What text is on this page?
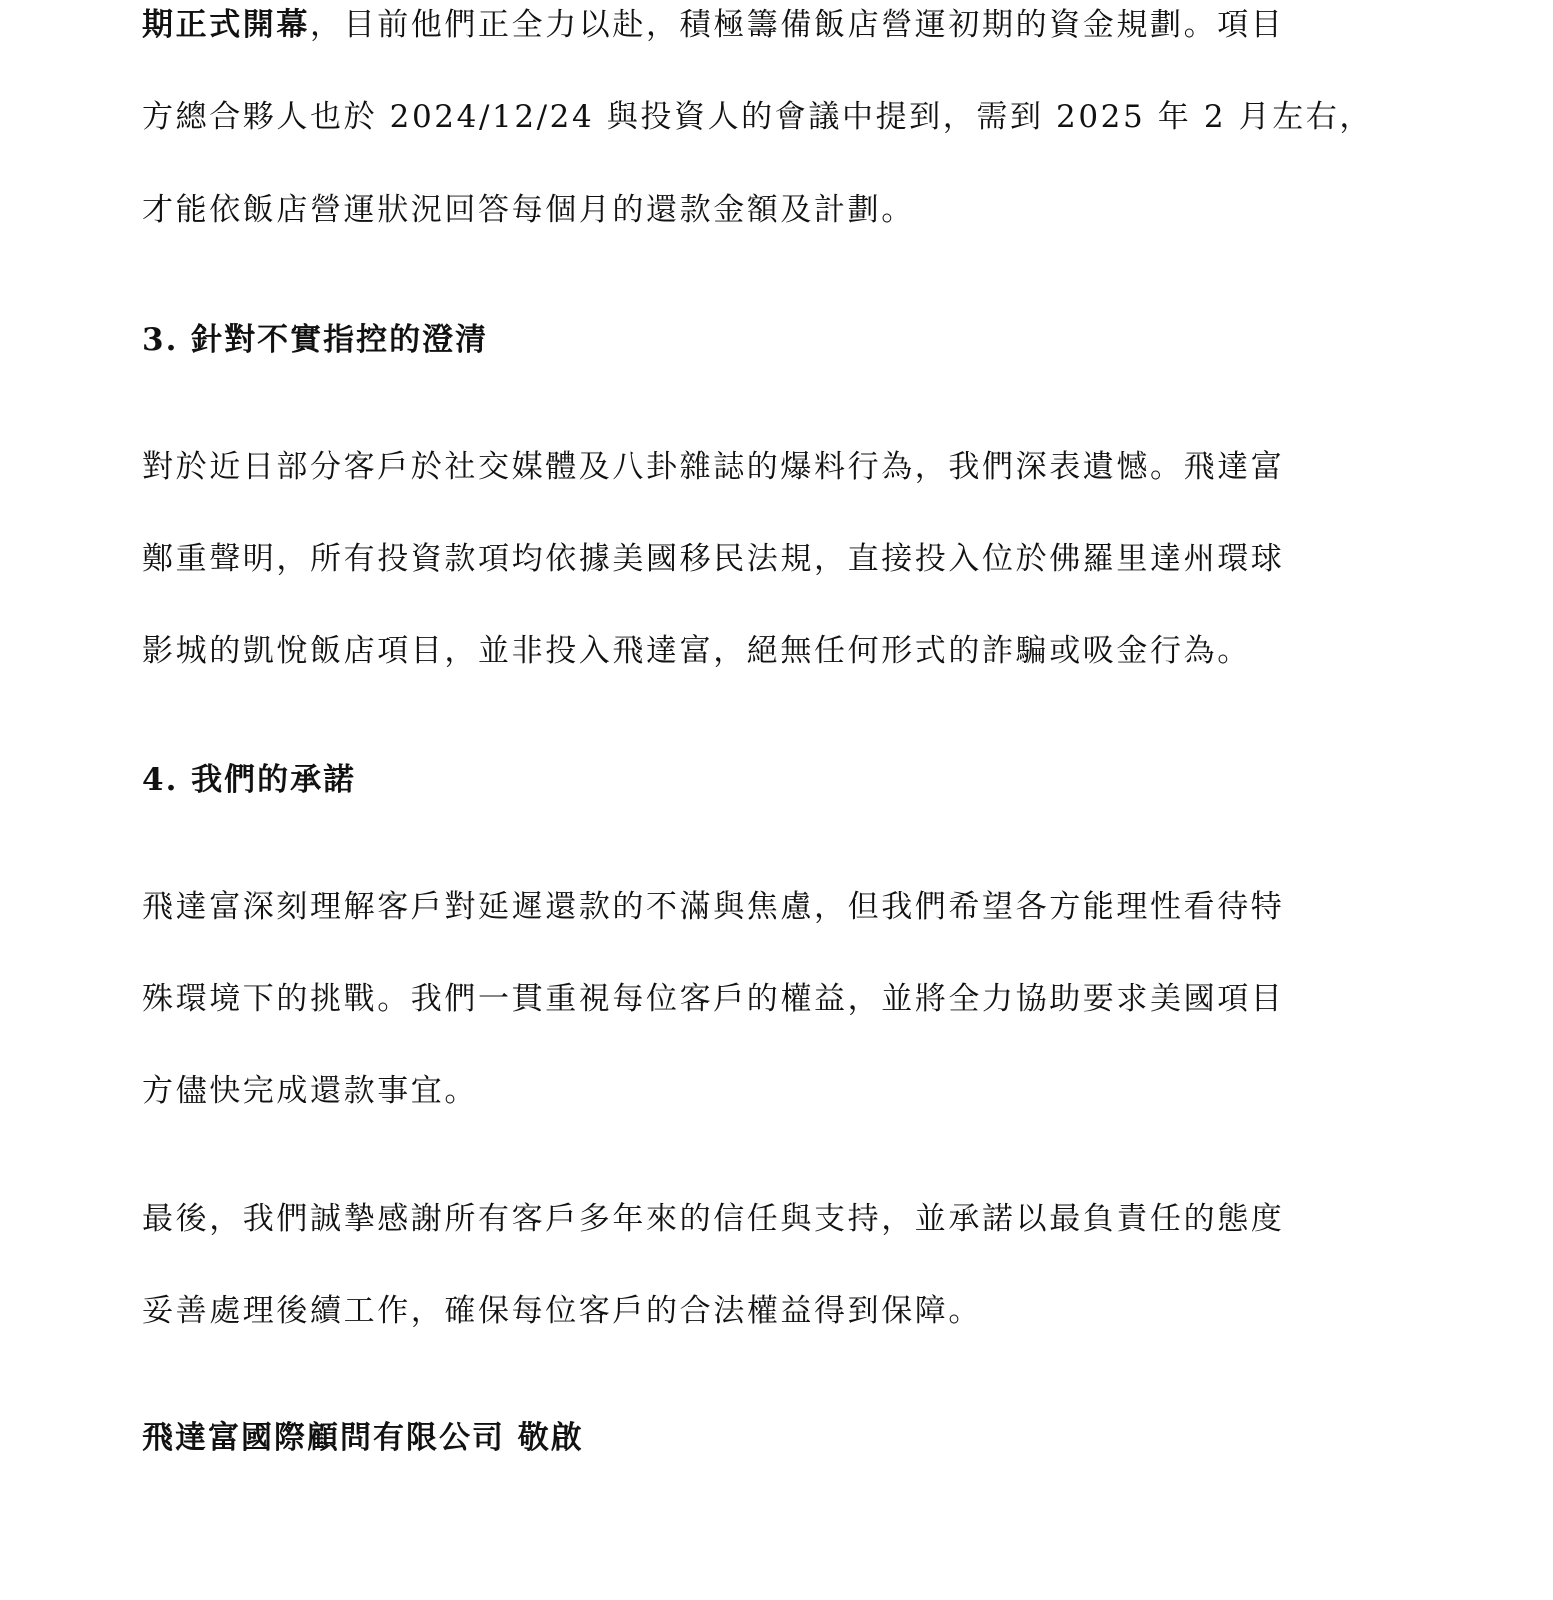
期正式開幕，目前他們正全力以赴，積極籌備飯店營運初期的資金規劃。項目
方總合夥人也於 2024/12/24 與投資人的會議中提到，需到 2025 年 2 月左右，
才能依飯店營運狀況回答每個月的還款金額及計劃。
3. 針對不實指控的澄清
對於近日部分客戶於社交媒體及八卦雜誌的爆料行為，我們深表遺憾。飛達富
鄭重聲明，所有投資款項均依據美國移民法規，直接投入位於佛羅里達州環球
影城的凱悅飯店項目，並非投入飛達富，絕無任何形式的詐騙或吸金行為。
4. 我們的承諾
飛達富深刻理解客戶對延遲還款的不滿與焦慮，但我們希望各方能理性看待特
殊環境下的挑戰。我們一貫重視每位客戶的權益，並將全力協助要求美國項目
方儘快完成還款事宜。
最後，我們誠摯感謝所有客戶多年來的信任與支持，並承諾以最負責任的態度
妥善處理後續工作，確保每位客戶的合法權益得到保障。
飛達富國際顧問有限公司 敬啟
